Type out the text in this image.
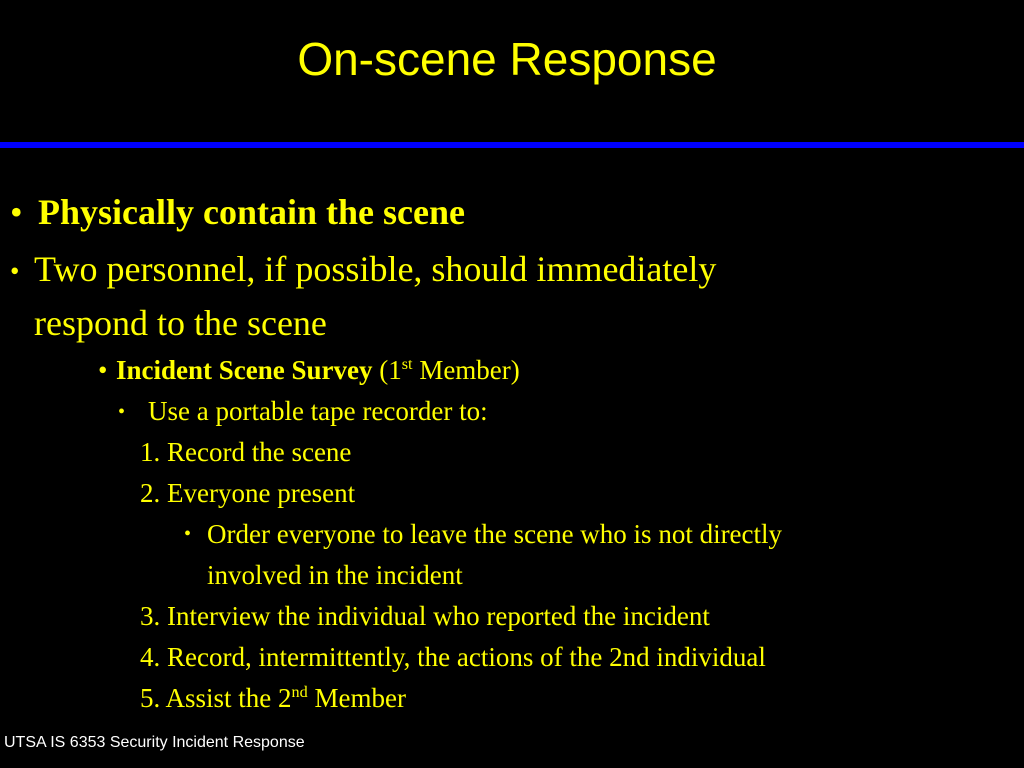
On-scene Response
• Physically contain the scene
• Two personnel, if possible, should immediately
respond to the scene
• Incident Scene Survey (1st Member)
• Use a portable tape recorder to:
1. Record the scene
2. Everyone present
• Order everyone to leave the scene who is not directly
involved in the incident
3. Interview the individual who reported the incident
4. Record, intermittently, the actions of the 2nd individual
5. Assist the 2nd Member
UTSA IS 6353 Security Incident Response
